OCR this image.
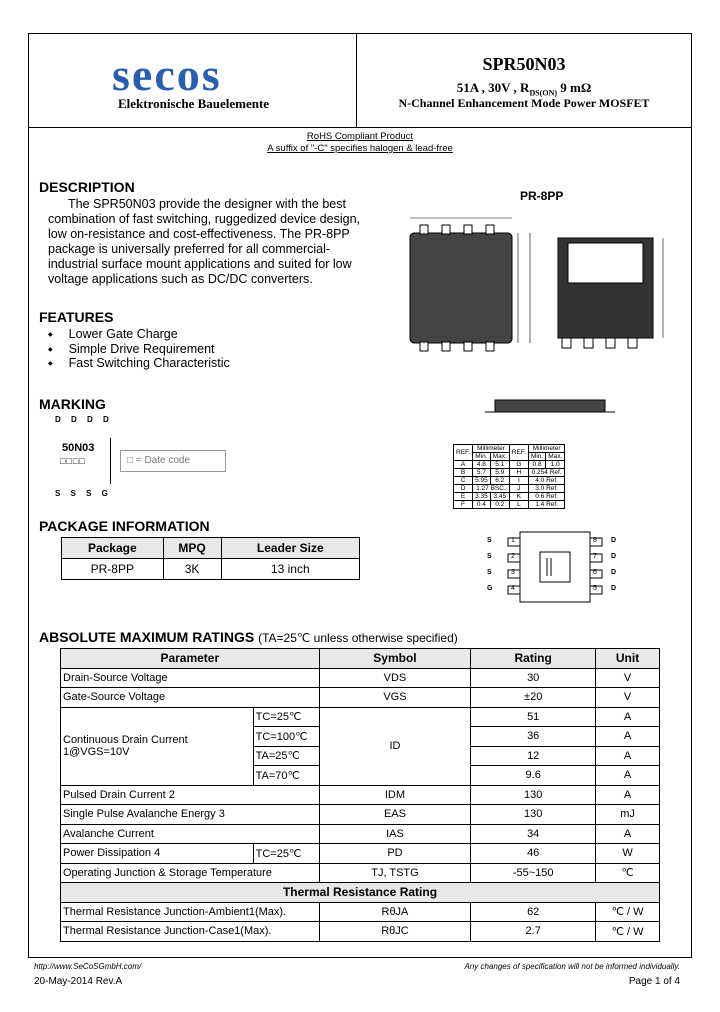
secos
Elektronische Bauelemente
SPR50N03
51A , 30V , $R_{DS(ON)}$ 9 mΩ
N-Channel Enhancement Mode Power MOSFET
RoHS Compliant Product
A suffix of "-C" specifies halogen & lead-free
DESCRIPTION
The SPR50N03 provide the designer with the best combination of fast switching, ruggedized device design, low on-resistance and cost-effectiveness. The PR-8PP package is universally preferred for all commercial-industrial surface mount applications and suited for low voltage applications such as DC/DC converters.
FEATURES
◆ Lower Gate Charge
◆ Simple Drive Requirement
◆ Fast Switching Characteristic
MARKING
D D D D
50N03
□□□□	□ = Date code
S S S G
PR-8PP
REF.	Millimeter		REF.	Millimeter	
	Min.	Max.		Min.	Max.
A	4.8	5.1	G	0.8	1.0
B	5.7	5.9	H	0.254 Ref.	
C	5.95	6.2	I	4.0 Ref.	
D	1.27 BSC.		J	3.0 Ref.	
E	3.35	3.45	K	0.6 Ref.	
F	0.4	0.2	L	1.4 Ref.	
S
S
S
G
D
D
D
D
1
2
3
4
8
7
6
5
PACKAGE INFORMATION
Package	MPQ	Leader Size
PR-8PP	3K	13 inch
ABSOLUTE MAXIMUM RATINGS (TA=25℃ unless otherwise specified)
Parameter		Symbol	Rating	Unit
Drain-Source Voltage		VDS	30	V
Gate-Source Voltage		VGS	±20	V
Continuous Drain Current 1@VGS=10V	TC=25℃	ID	51	A
	TC=100℃		36	A
	TA=25℃		12	A
	TA=70℃		9.6	A
Pulsed Drain Current 2		IDM	130	A
Single Pulse Avalanche Energy 3		EAS	130	mJ
Avalanche Current		IAS	34	A
Power Dissipation 4	TC=25℃	PD	46	W
Operating Junction & Storage Temperature		TJ, TSTG	-55~150	℃
Thermal Resistance Rating				
Thermal Resistance Junction-Ambient1(Max).		RθJA	62	℃ / W
Thermal Resistance Junction-Case1(Max).		RθJC	2.7	℃ / W
http://www.SeCoSGmbH.com/	Any changes of specification will not be informed individually.
20-May-2014 Rev.A	Page 1 of 4
